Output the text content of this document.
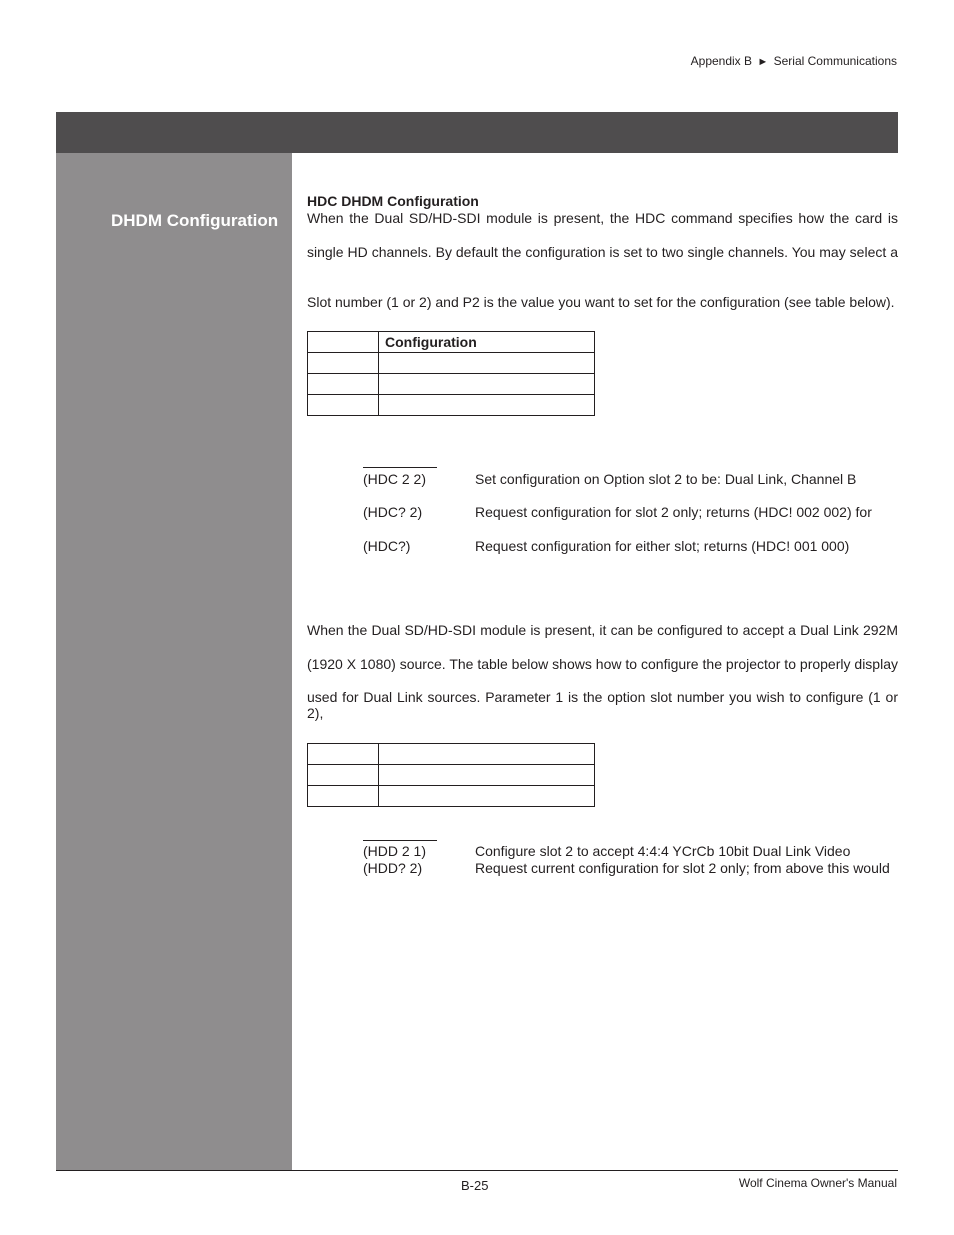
Appendix B ► Serial Communications
DHDM Configuration
HDC DHDM Configuration
When the Dual SD/HD-SDI module is present, the HDC command specifies how the card is
single HD channels. By default the configuration is set to two single channels. You may select a
Slot number (1 or 2) and P2 is the value you want to set for the configuration (see table below).
	Configuration

(HDC 2 2)	Set configuration on Option slot 2 to be: Dual Link, Channel B
(HDC? 2)	Request configuration for slot 2 only; returns (HDC! 002 002) for
(HDC?)	Request configuration for either slot; returns (HDC! 001 000)
When the Dual SD/HD-SDI module is present, it can be configured to accept a Dual Link 292M
(1920 X 1080) source. The table below shows how to configure the projector to properly display
used for Dual Link sources. Parameter 1 is the option slot number you wish to configure (1 or 2),

(HDD 2 1)	Configure slot 2 to accept 4:4:4 YCrCb 10bit Dual Link Video
(HDD? 2)	Request current configuration for slot 2 only; from above this would
B-25	Wolf Cinema Owner's Manual
